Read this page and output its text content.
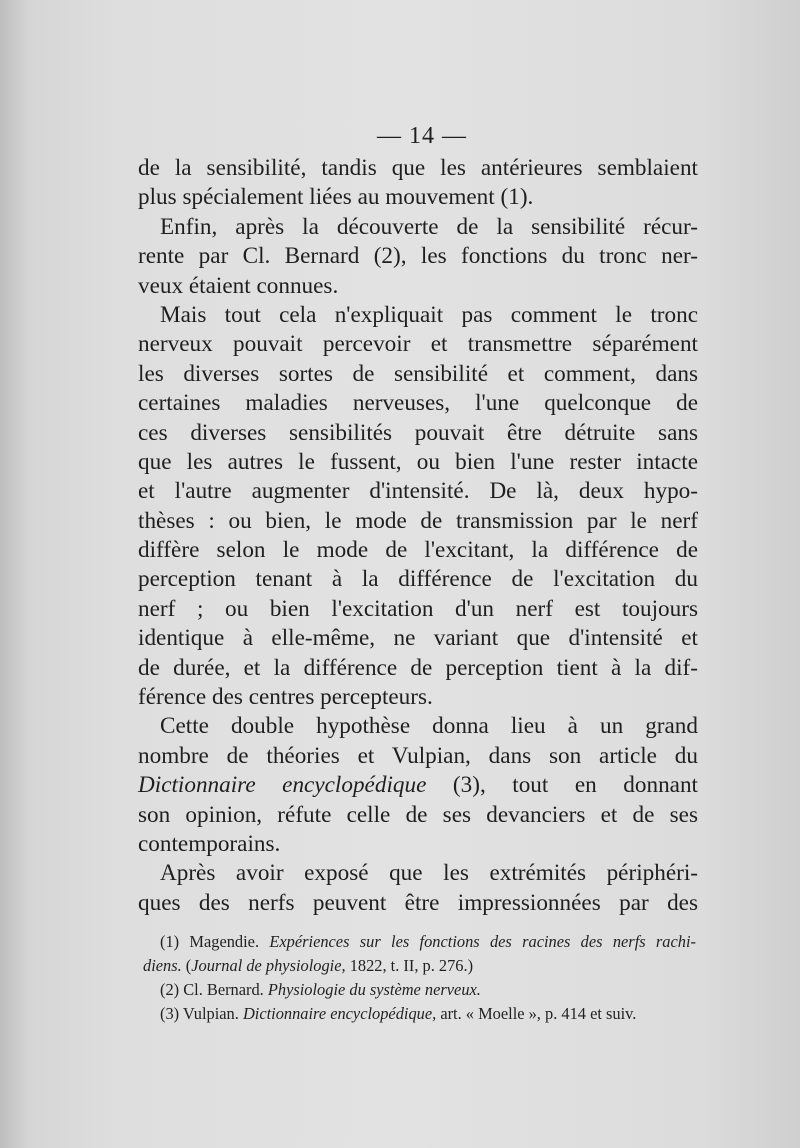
— 14 —
de la sensibilité, tandis que les antérieures semblaient
plus spécialement liées au mouvement (1).
Enfin, après la découverte de la sensibilité récur-
rente par Cl. Bernard (2), les fonctions du tronc ner-
veux étaient connues.
Mais tout cela n'expliquait pas comment le tronc
nerveux pouvait percevoir et transmettre séparément
les diverses sortes de sensibilité et comment, dans
certaines maladies nerveuses, l'une quelconque de
ces diverses sensibilités pouvait être détruite sans
que les autres le fussent, ou bien l'une rester intacte
et l'autre augmenter d'intensité. De là, deux hypo-
thèses : ou bien, le mode de transmission par le nerf
diffère selon le mode de l'excitant, la différence de
perception tenant à la différence de l'excitation du
nerf ; ou bien l'excitation d'un nerf est toujours
identique à elle-même, ne variant que d'intensité et
de durée, et la différence de perception tient à la dif-
férence des centres percepteurs.
Cette double hypothèse donna lieu à un grand
nombre de théories et Vulpian, dans son article du
Dictionnaire encyclopédique (3), tout en donnant
son opinion, réfute celle de ses devanciers et de ses
contemporains.
Après avoir exposé que les extrémités périphéri-
ques des nerfs peuvent être impressionnées par des
(1) Magendie. Expériences sur les fonctions des racines des nerfs rachi-
diens. (Journal de physiologie, 1822, t. II, p. 276.)
(2) Cl. Bernard. Physiologie du système nerveux.
(3) Vulpian. Dictionnaire encyclopédique, art. « Moelle », p. 414 et suiv.
